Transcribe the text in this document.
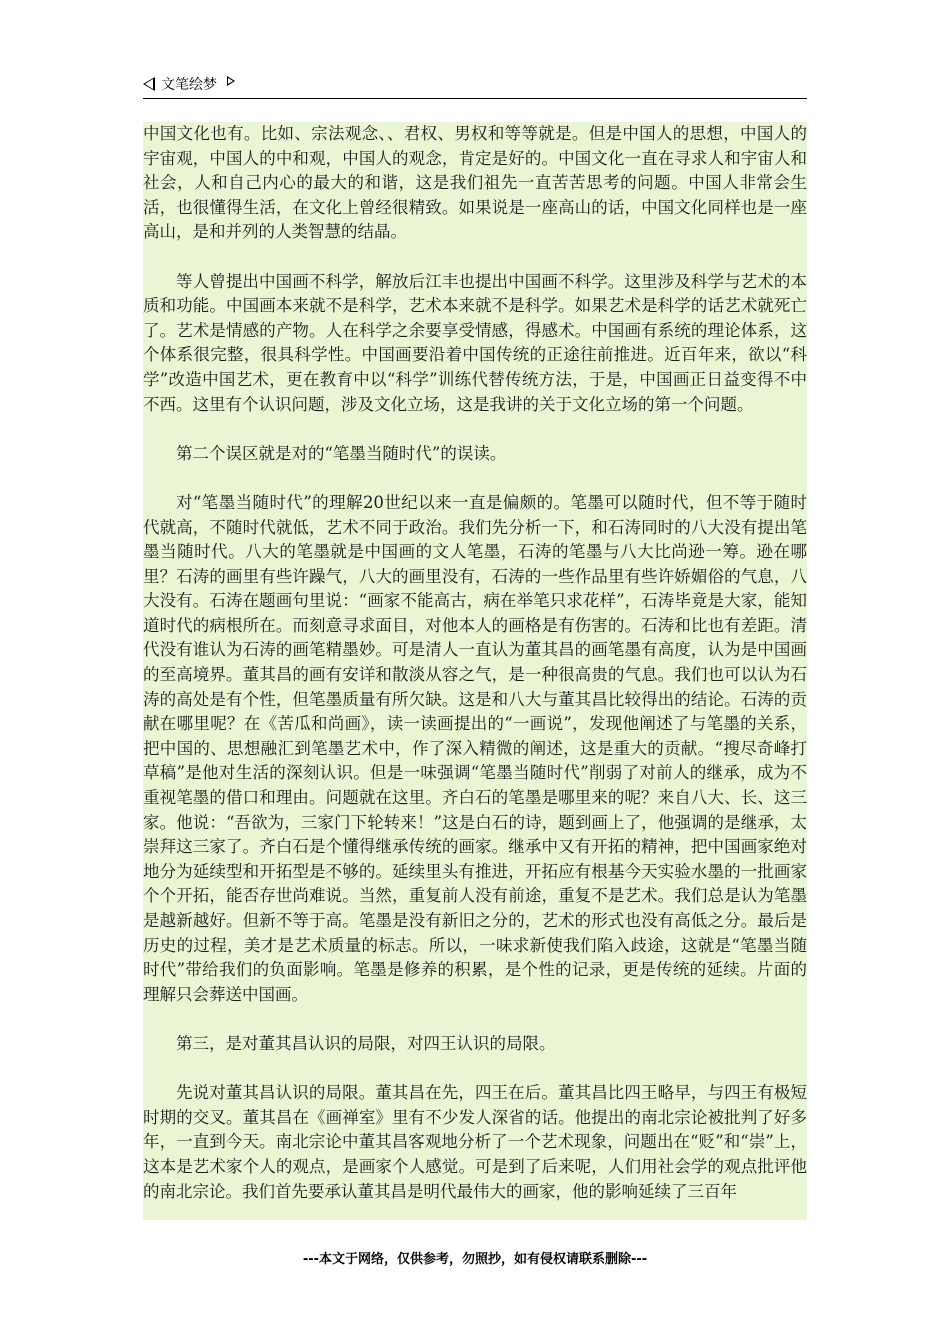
文笔绘梦

中国文化也有。比如、宗法观念、、君权、男权和等等就是。但是中国人的思想，中国人的宇宙观，中国人的中和观，中国人的观念，肯定是好的。中国文化一直在寻求人和宇宙人和社会，人和自己内心的最大的和谐，这是我们祖先一直苦苦思考的问题。中国人非常会生活，也很懂得生活，在文化上曾经很精致。如果说是一座高山的话，中国文化同样也是一座高山，是和并列的人类智慧的结晶。

等人曾提出中国画不科学，解放后江丰也提出中国画不科学。这里涉及科学与艺术的本质和功能。中国画本来就不是科学，艺术本来就不是科学。如果艺术是科学的话艺术就死亡了。艺术是情感的产物。人在科学之余要享受情感，得感术。中国画有系统的理论体系，这个体系很完整，很具科学性。中国画要沿着中国传统的正途往前推进。近百年来，欲以“科学”改造中国艺术，更在教育中以“科学”训练代替传统方法，于是，中国画正日益变得不中不西。这里有个认识问题，涉及文化立场，这是我讲的关于文化立场的第一个问题。

第二个误区就是对的“笔墨当随时代”的误读。

对“笔墨当随时代”的理解20世纪以来一直是偏颇的。笔墨可以随时代，但不等于随时代就高，不随时代就低，艺术不同于政治。我们先分析一下，和石涛同时的八大没有提出笔墨当随时代。八大的笔墨就是中国画的文人笔墨，石涛的笔墨与八大比尚逊一筹。逊在哪里？石涛的画里有些许躁气，八大的画里没有，石涛的一些作品里有些许娇媚俗的气息，八大没有。石涛在题画句里说：“画家不能高古，病在举笔只求花样”，石涛毕竟是大家，能知道时代的病根所在。而刻意寻求面目，对他本人的画格是有伤害的。石涛和比也有差距。清代没有谁认为石涛的画笔精墨妙。可是清人一直认为董其昌的画笔墨有高度，认为是中国画的至高境界。董其昌的画有安详和散淡从容之气，是一种很高贵的气息。我们也可以认为石涛的高处是有个性，但笔墨质量有所欠缺。这是和八大与董其昌比较得出的结论。石涛的贡献在哪里呢？在《苦瓜和尚画》，读一读画提出的“一画说”，发现他阐述了与笔墨的关系，把中国的、思想融汇到笔墨艺术中，作了深入精微的阐述，这是重大的贡献。“搜尽奇峰打草稿”是他对生活的深刻认识。但是一味强调“笔墨当随时代”削弱了对前人的继承，成为不重视笔墨的借口和理由。问题就在这里。齐白石的笔墨是哪里来的呢？来自八大、长、这三家。他说：“吾欲为，三家门下轮转来！”这是白石的诗，题到画上了，他强调的是继承，太崇拜这三家了。齐白石是个懂得继承传统的画家。继承中又有开拓的精神，把中国画家绝对地分为延续型和开拓型是不够的。延续里头有推进，开拓应有根基今天实验水墨的一批画家个个开拓，能否存世尚难说。当然，重复前人没有前途，重复不是艺术。我们总是认为笔墨是越新越好。但新不等于高。笔墨是没有新旧之分的，艺术的形式也没有高低之分。最后是历史的过程，美才是艺术质量的标志。所以，一味求新使我们陷入歧途，这就是“笔墨当随时代”带给我们的负面影响。笔墨是修养的积累，是个性的记录，更是传统的延续。片面的理解只会葬送中国画。

第三，是对董其昌认识的局限，对四王认识的局限。

先说对董其昌认识的局限。董其昌在先，四王在后。董其昌比四王略早，与四王有极短时期的交叉。董其昌在《画禅室》里有不少发人深省的话。他提出的南北宗论被批判了好多年，一直到今天。南北宗论中董其昌客观地分析了一个艺术现象，问题出在“贬”和“崇”上，这本是艺术家个人的观点，是画家个人感觉。可是到了后来呢，人们用社会学的观点批评他的南北宗论。我们首先要承认董其昌是明代最伟大的画家，他的影响延续了三百年

---本文于网络，仅供参考，勿照抄，如有侵权请联系删除---
